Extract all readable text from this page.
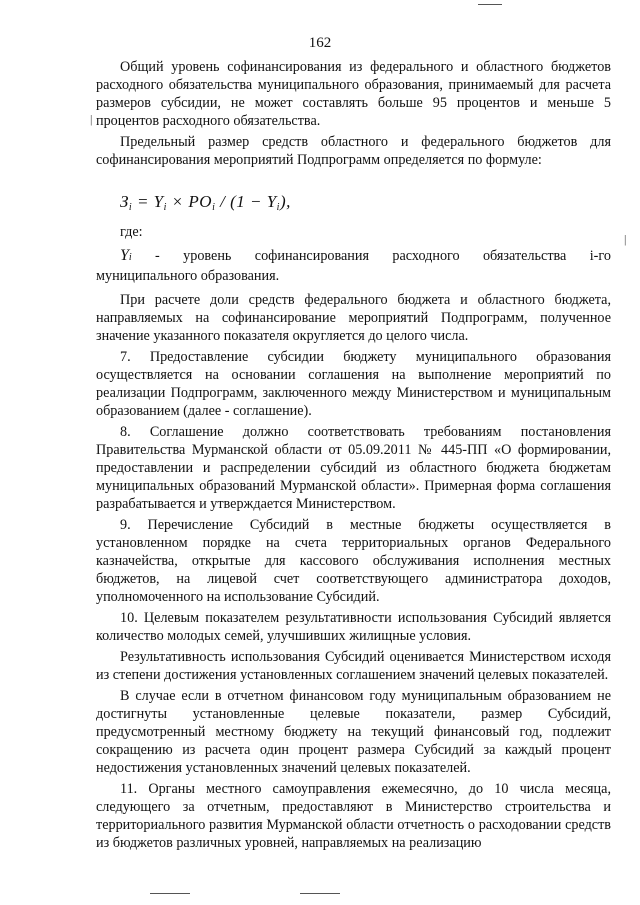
162

Общий уровень софинансирования из федерального и областного бюджетов расходного обязательства муниципального образования, принимаемый для расчета размеров субсидии, не может составлять больше 95 процентов и меньше 5 процентов расходного обязательства.

Предельный размер средств областного и федерального бюджетов для софинансирования мероприятий Подпрограмм определяется по формуле:

$З_i = Y_i \times PO_i / (1 - Y_i)$,

где:

Yi - уровень софинансирования расходного обязательства i-го

муниципального образования.

При расчете доли средств федерального бюджета и областного бюджета, направляемых на софинансирование мероприятий Подпрограмм, полученное значение указанного показателя округляется до целого числа.

7. Предоставление субсидии бюджету муниципального образования осуществляется на основании соглашения на выполнение мероприятий по реализации Подпрограмм, заключенного между Министерством и муниципальным образованием (далее - соглашение).

8. Соглашение должно соответствовать требованиям постановления Правительства Мурманской области от 05.09.2011 № 445-ПП «О формировании, предоставлении и распределении субсидий из областного бюджета бюджетам муниципальных образований Мурманской области». Примерная форма соглашения разрабатывается и утверждается Министерством.

9. Перечисление Субсидий в местные бюджеты осуществляется в установленном порядке на счета территориальных органов Федерального казначейства, открытые для кассового обслуживания исполнения местных бюджетов, на лицевой счет соответствующего администратора доходов, уполномоченного на использование Субсидий.

10. Целевым показателем результативности использования Субсидий является количество молодых семей, улучшивших жилищные условия.

Результативность использования Субсидий оценивается Министерством исходя из степени достижения установленных соглашением значений целевых показателей.

В случае если в отчетном финансовом году муниципальным образованием не достигнуты установленные целевые показатели, размер Субсидий, предусмотренный местному бюджету на текущий финансовый год, подлежит сокращению из расчета один процент размера Субсидий за каждый процент недостижения установленных значений целевых показателей.

11. Органы местного самоуправления ежемесячно, до 10 числа месяца, следующего за отчетным, предоставляют в Министерство строительства и территориального развития Мурманской области отчетность о расходовании средств из бюджетов различных уровней, направляемых на реализацию

|
|
